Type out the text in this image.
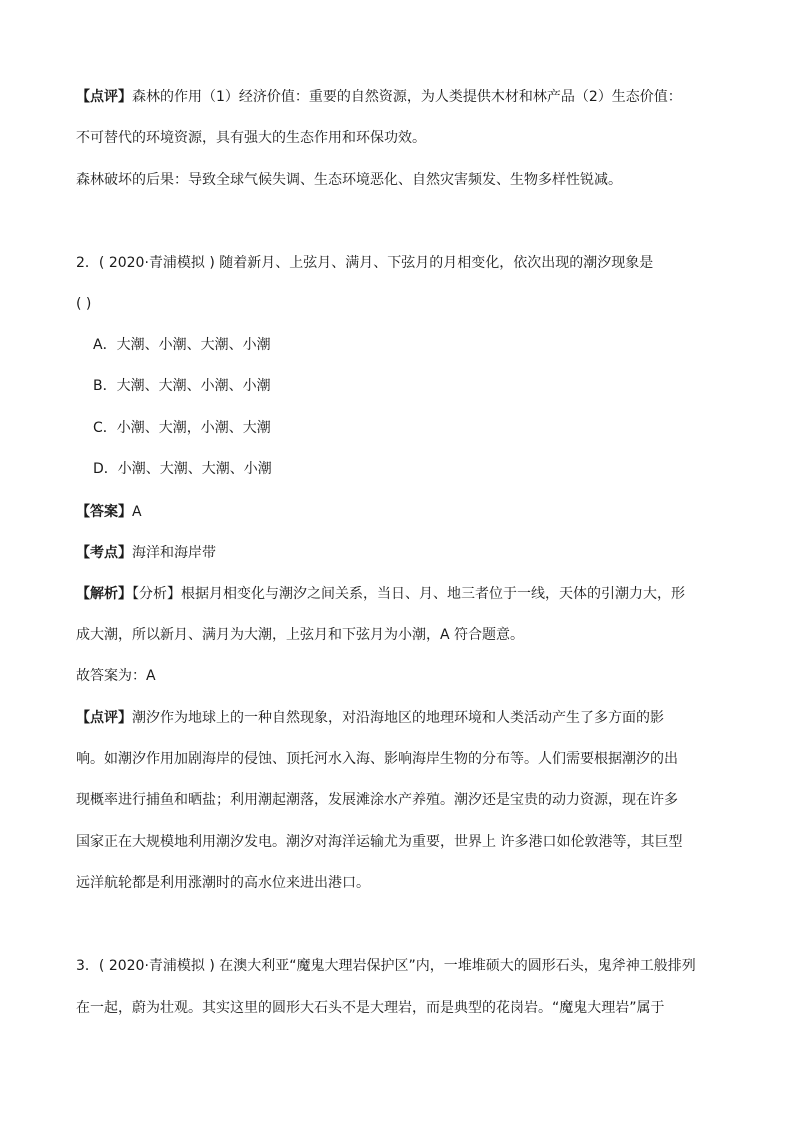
【点评】森林的作用（1）经济价值：重要的自然资源，为人类提供木材和林产品（2）生态价值：
不可替代的环境资源，具有强大的生态作用和环保功效。
森林破坏的后果：导致全球气候失调、生态环境恶化、自然灾害频发、生物多样性锐减。
2．( 2020·青浦模拟 ) 随着新月、上弦月、满月、下弦月的月相变化，依次出现的潮汐现象是
( )
A．大潮、小潮、大潮、小潮
B．大潮、大潮、小潮、小潮
C．小潮、大潮，小潮、大潮
D．小潮、大潮、大潮、小潮
【答案】A
【考点】海洋和海岸带
【解析】【分析】根据月相变化与潮汐之间关系，当日、月、地三者位于一线，天体的引潮力大，形
成大潮，所以新月、满月为大潮，上弦月和下弦月为小潮，A 符合题意。
故答案为：A
【点评】潮汐作为地球上的一种自然现象，对沿海地区的地理环境和人类活动产生了多方面的影
响。如潮汐作用加剧海岸的侵蚀、顶托河水入海、影响海岸生物的分布等。人们需要根据潮汐的出
现概率进行捕鱼和晒盐；利用潮起潮落，发展滩涂水产养殖。潮汐还是宝贵的动力资源，现在许多
国家正在大规模地利用潮汐发电。潮汐对海洋运输尤为重要，世界上 许多港口如伦敦港等，其巨型
远洋航轮都是利用涨潮时的高水位来进出港口。
3．( 2020·青浦模拟 ) 在澳大利亚“魔鬼大理岩保护区”内，一堆堆硕大的圆形石头，鬼斧神工般排列
在一起，蔚为壮观。其实这里的圆形大石头不是大理岩，而是典型的花岗岩。“魔鬼大理岩”属于
